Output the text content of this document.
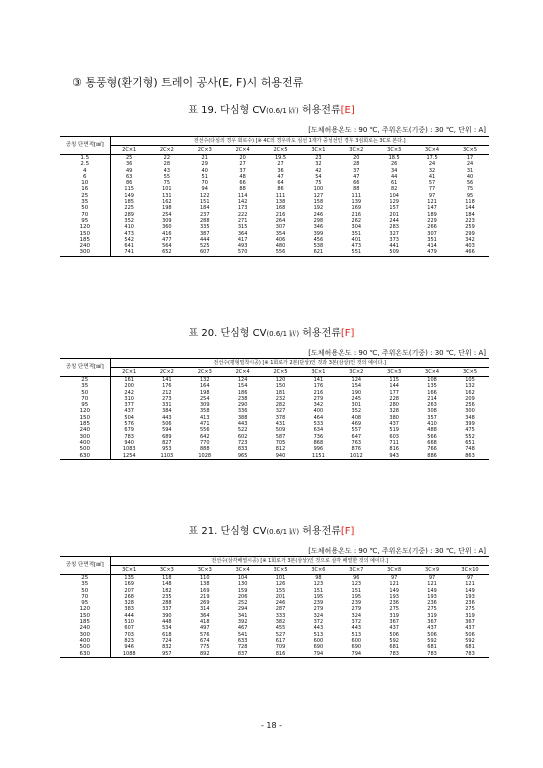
③ 통풍형(환기형) 트레이 공사(E, F)시 허용전류
표 19. 다심형 CV(0.6/1 ㎸) 허용전류[E]
[도체허용온도 : 90 ℃, 주위온도(기중) : 30 ℃, 단위 : A]
공칭 단면적[㎟]	전선수(다심의 경우 회로수) [※ 4C의 경우라도 심선 1개가 중성선인 경우 3심회로는 3C로 본다.]									
	2C×1	2C×2	2C×3	2C×4	2C×5	3C×1	3C×2	3C×3	3C×4	3C×5
1.5	25	22	21	20	19.5	23	20	18.5	17.5	17
2.5	36	28	29	27	27	32	28	26	24	24
4	49	43	40	37	36	42	37	34	32	31
6	63	55	51	48	47	54	47	44	41	40
10	86	75	70	66	64	75	66	61	57	56
16	115	101	94	88	86	100	88	82	77	75
25	149	131	122	114	111	127	111	104	97	95
35	185	162	151	142	138	158	139	129	121	118
50	225	198	184	173	168	192	169	157	147	144
70	289	254	237	222	216	246	216	201	189	184
95	352	309	288	271	264	298	262	244	229	223
120	410	360	335	315	307	346	304	283	266	259
150	473	416	387	364	354	399	351	327	307	299
185	542	477	444	417	406	456	401	373	351	342
240	641	564	525	493	480	538	473	441	414	403
300	741	652	607	570	556	621	551	509	479	466
표 20. 단심형 CV(0.6/1 ㎸) 허용전류[F]
[도체허용온도 : 90 ℃, 주위온도(기중) : 30 ℃, 단위 : A]
공칭 단면적[㎟]	전선수(평형밀착시공) [※ 1회로가 2본(단상)인 것과 3본(삼상)인 것의 예이다.]									
	2C×1	2C×2	2C×3	2C×4	2C×5	3C×1	3C×2	3C×3	3C×4	3C×5
25	161	141	132	124	120	141	124	115	108	105
35	200	176	164	154	150	176	154	144	135	132
50	242	212	198	186	181	216	190	177	166	162
70	310	273	254	238	232	279	245	228	214	209
95	377	331	309	290	282	342	301	280	263	256
120	437	384	358	336	327	400	352	328	308	300
150	504	443	413	388	378	464	408	380	357	348
185	576	506	471	443	431	533	469	437	410	399
240	679	594	556	522	509	634	557	519	488	475
300	783	689	642	602	587	736	647	603	566	552
400	940	827	770	723	705	868	763	711	668	651
500	1083	953	888	833	812	996	876	816	766	748
630	1254	1103	1028	965	940	1151	1012	943	886	863
표 21. 단심형 CV(0.6/1 ㎸) 허용전류[F]
[도체허용온도 : 90 ℃, 주위온도(기중) : 30 ℃, 단위 : A]
공칭 단면적[㎟]	전선수(삼각배열시공) [※ 1회로가 3본(삼상)인 것으로 삼각 배열한 것의 예이다.]									
	3C×1	3C×3	3C×3	3C×4	3C×5	3C×6	3C×7	3C×8	3C×9	3C×10
25	135	118	110	104	101	98	96	97	97	97
35	169	148	138	130	126	123	123	121	121	121
50	207	182	169	159	155	151	151	149	149	149
70	268	235	219	206	201	195	195	193	193	193
95	328	288	269	252	246	239	239	236	236	236
120	383	337	314	294	287	279	279	275	275	275
150	444	390	364	341	333	324	324	319	319	319
185	510	448	418	392	382	372	372	367	367	367
240	607	534	497	467	455	443	443	437	437	437
300	703	618	576	541	527	513	513	506	506	506
400	823	724	674	633	617	600	600	592	592	592
500	946	832	775	728	709	690	690	681	681	681
630	1088	957	892	837	816	794	794	783	783	783
- 18 -
